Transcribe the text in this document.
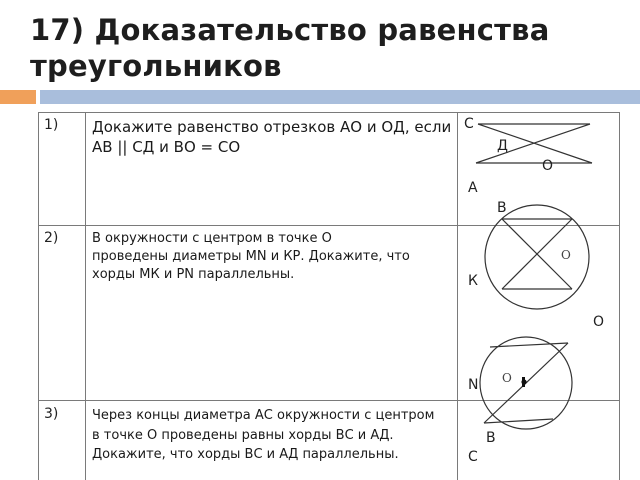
17) Доказательство равенства треугольников
1)
2)
3)
Докажите равенство отрезков АО и ОД, если АВ || СД и ВО = СО
В окружности с центром в точке О проведены диаметры MN и КР. Докажите, что хорды МК и PN параллельны.
Через концы диаметра АС окружности с центром в точке О проведены равны хорды ВС и АД. Докажите, что хорды ВС и АД параллельны.
С
Д
О
А
В
O
К
О
N O
В
С
